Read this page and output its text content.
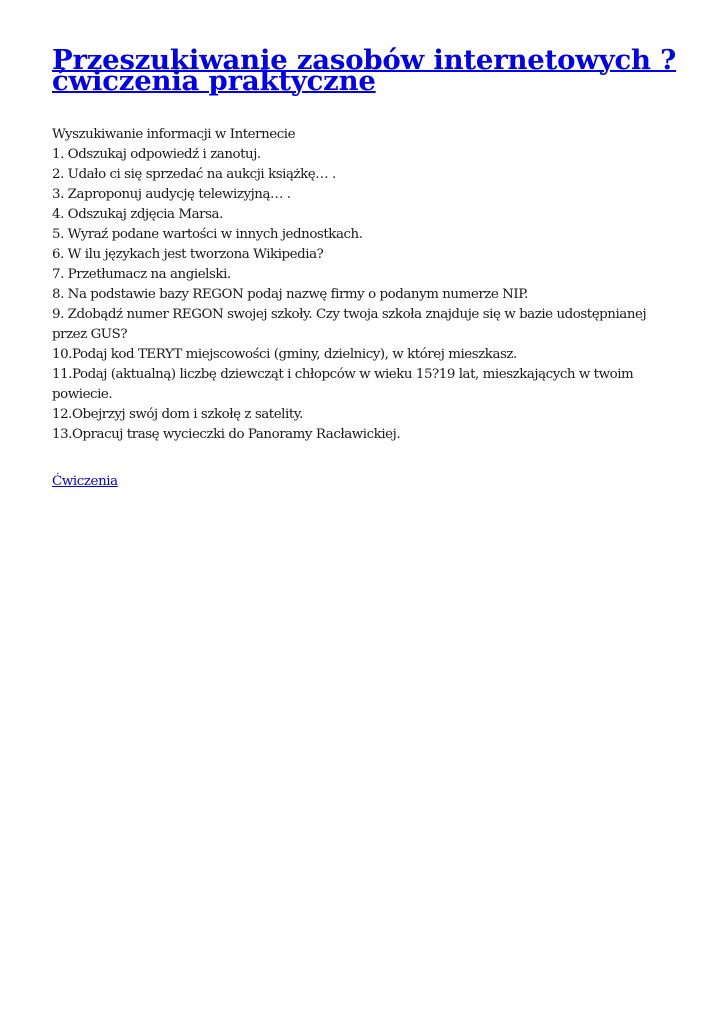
Przeszukiwanie zasobów internetowych ? ćwiczenia praktyczne

Wyszukiwanie informacji w Internecie

1. Odszukaj odpowiedź i zanotuj.
2. Udało ci się sprzedać na aukcji książkę… .
3. Zaproponuj audycję telewizyjną… .
4. Odszukaj zdjęcia Marsa.
5. Wyraź podane wartości w innych jednostkach.
6. W ilu językach jest tworzona Wikipedia?
7. Przetłumacz na angielski.
8. Na podstawie bazy REGON podaj nazwę firmy o podanym numerze NIP.
9. Zdobądź numer REGON swojej szkoły. Czy twoja szkoła znajduje się w bazie udostępnianej przez GUS?
10.Podaj kod TERYT miejscowości (gminy, dzielnicy), w której mieszkasz.
11.Podaj (aktualną) liczbę dziewcząt i chłopców w wieku 15?19 lat, mieszkających w twoim powiecie.
12.Obejrzyj swój dom i szkołę z satelity.
13.Opracuj trasę wycieczki do Panoramy Racławickiej.
Ćwiczenia
